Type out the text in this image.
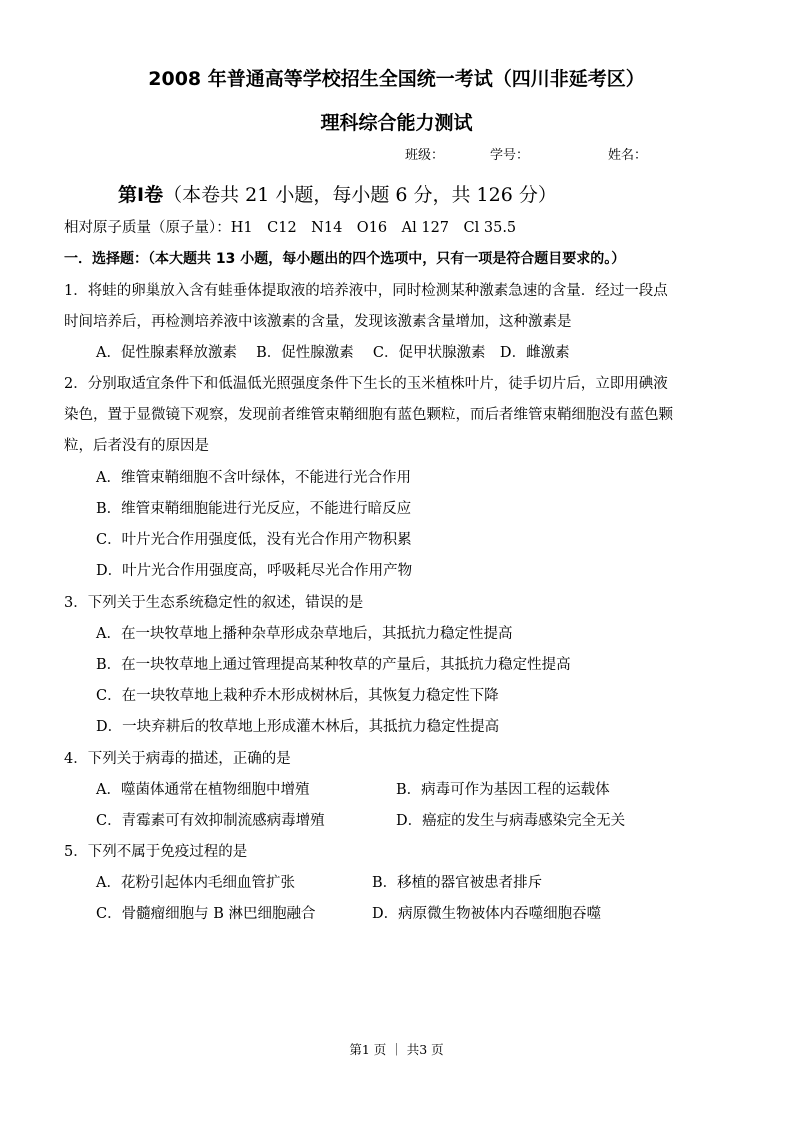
2008 年普通高等学校招生全国统一考试（四川非延考区）
理科综合能力测试
班级：	学号：	姓名：
第Ⅰ卷（本卷共 21 小题，每小题 6 分，共 126 分）
相对原子质量（原子量）：H1　C12　N14　O16　Al 127　Cl 35.5
一．选择题：（本大题共 13 小题，每小题出的四个选项中，只有一项是符合题目要求的。）
1．将蛙的卵巢放入含有蛙垂体提取液的培养液中，同时检测某种激素急速的含量．经过一段点
时间培养后，再检测培养液中该激素的含量，发现该激素含量增加，这种激素是
A．促性腺素释放激素　 B．促性腺激素　 C．促甲状腺激素　D．雌激素
2．分别取适宜条件下和低温低光照强度条件下生长的玉米植株叶片，徒手切片后，立即用碘液
染色，置于显微镜下观察，发现前者维管束鞘细胞有蓝色颗粒，而后者维管束鞘细胞没有蓝色颗
粒，后者没有的原因是
A．维管束鞘细胞不含叶绿体，不能进行光合作用
B．维管束鞘细胞能进行光反应，不能进行暗反应
C．叶片光合作用强度低，没有光合作用产物积累
D．叶片光合作用强度高，呼吸耗尽光合作用产物
3．下列关于生态系统稳定性的叙述，错误的是
A．在一块牧草地上播种杂草形成杂草地后，其抵抗力稳定性提高
B．在一块牧草地上通过管理提高某种牧草的产量后，其抵抗力稳定性提高
C．在一块牧草地上栽种乔木形成树林后，其恢复力稳定性下降
D．一块弃耕后的牧草地上形成灌木林后，其抵抗力稳定性提高
4．下列关于病毒的描述，正确的是
A．噬菌体通常在植物细胞中增殖	B．病毒可作为基因工程的运载体
C．青霉素可有效抑制流感病毒增殖	D．癌症的发生与病毒感染完全无关
5．下列不属于免疫过程的是
A．花粉引起体内毛细血管扩张	B．移植的器官被患者排斥
C．骨髓瘤细胞与 B 淋巴细胞融合	D．病原微生物被体内吞噬细胞吞噬
第1 页 ｜ 共3 页
